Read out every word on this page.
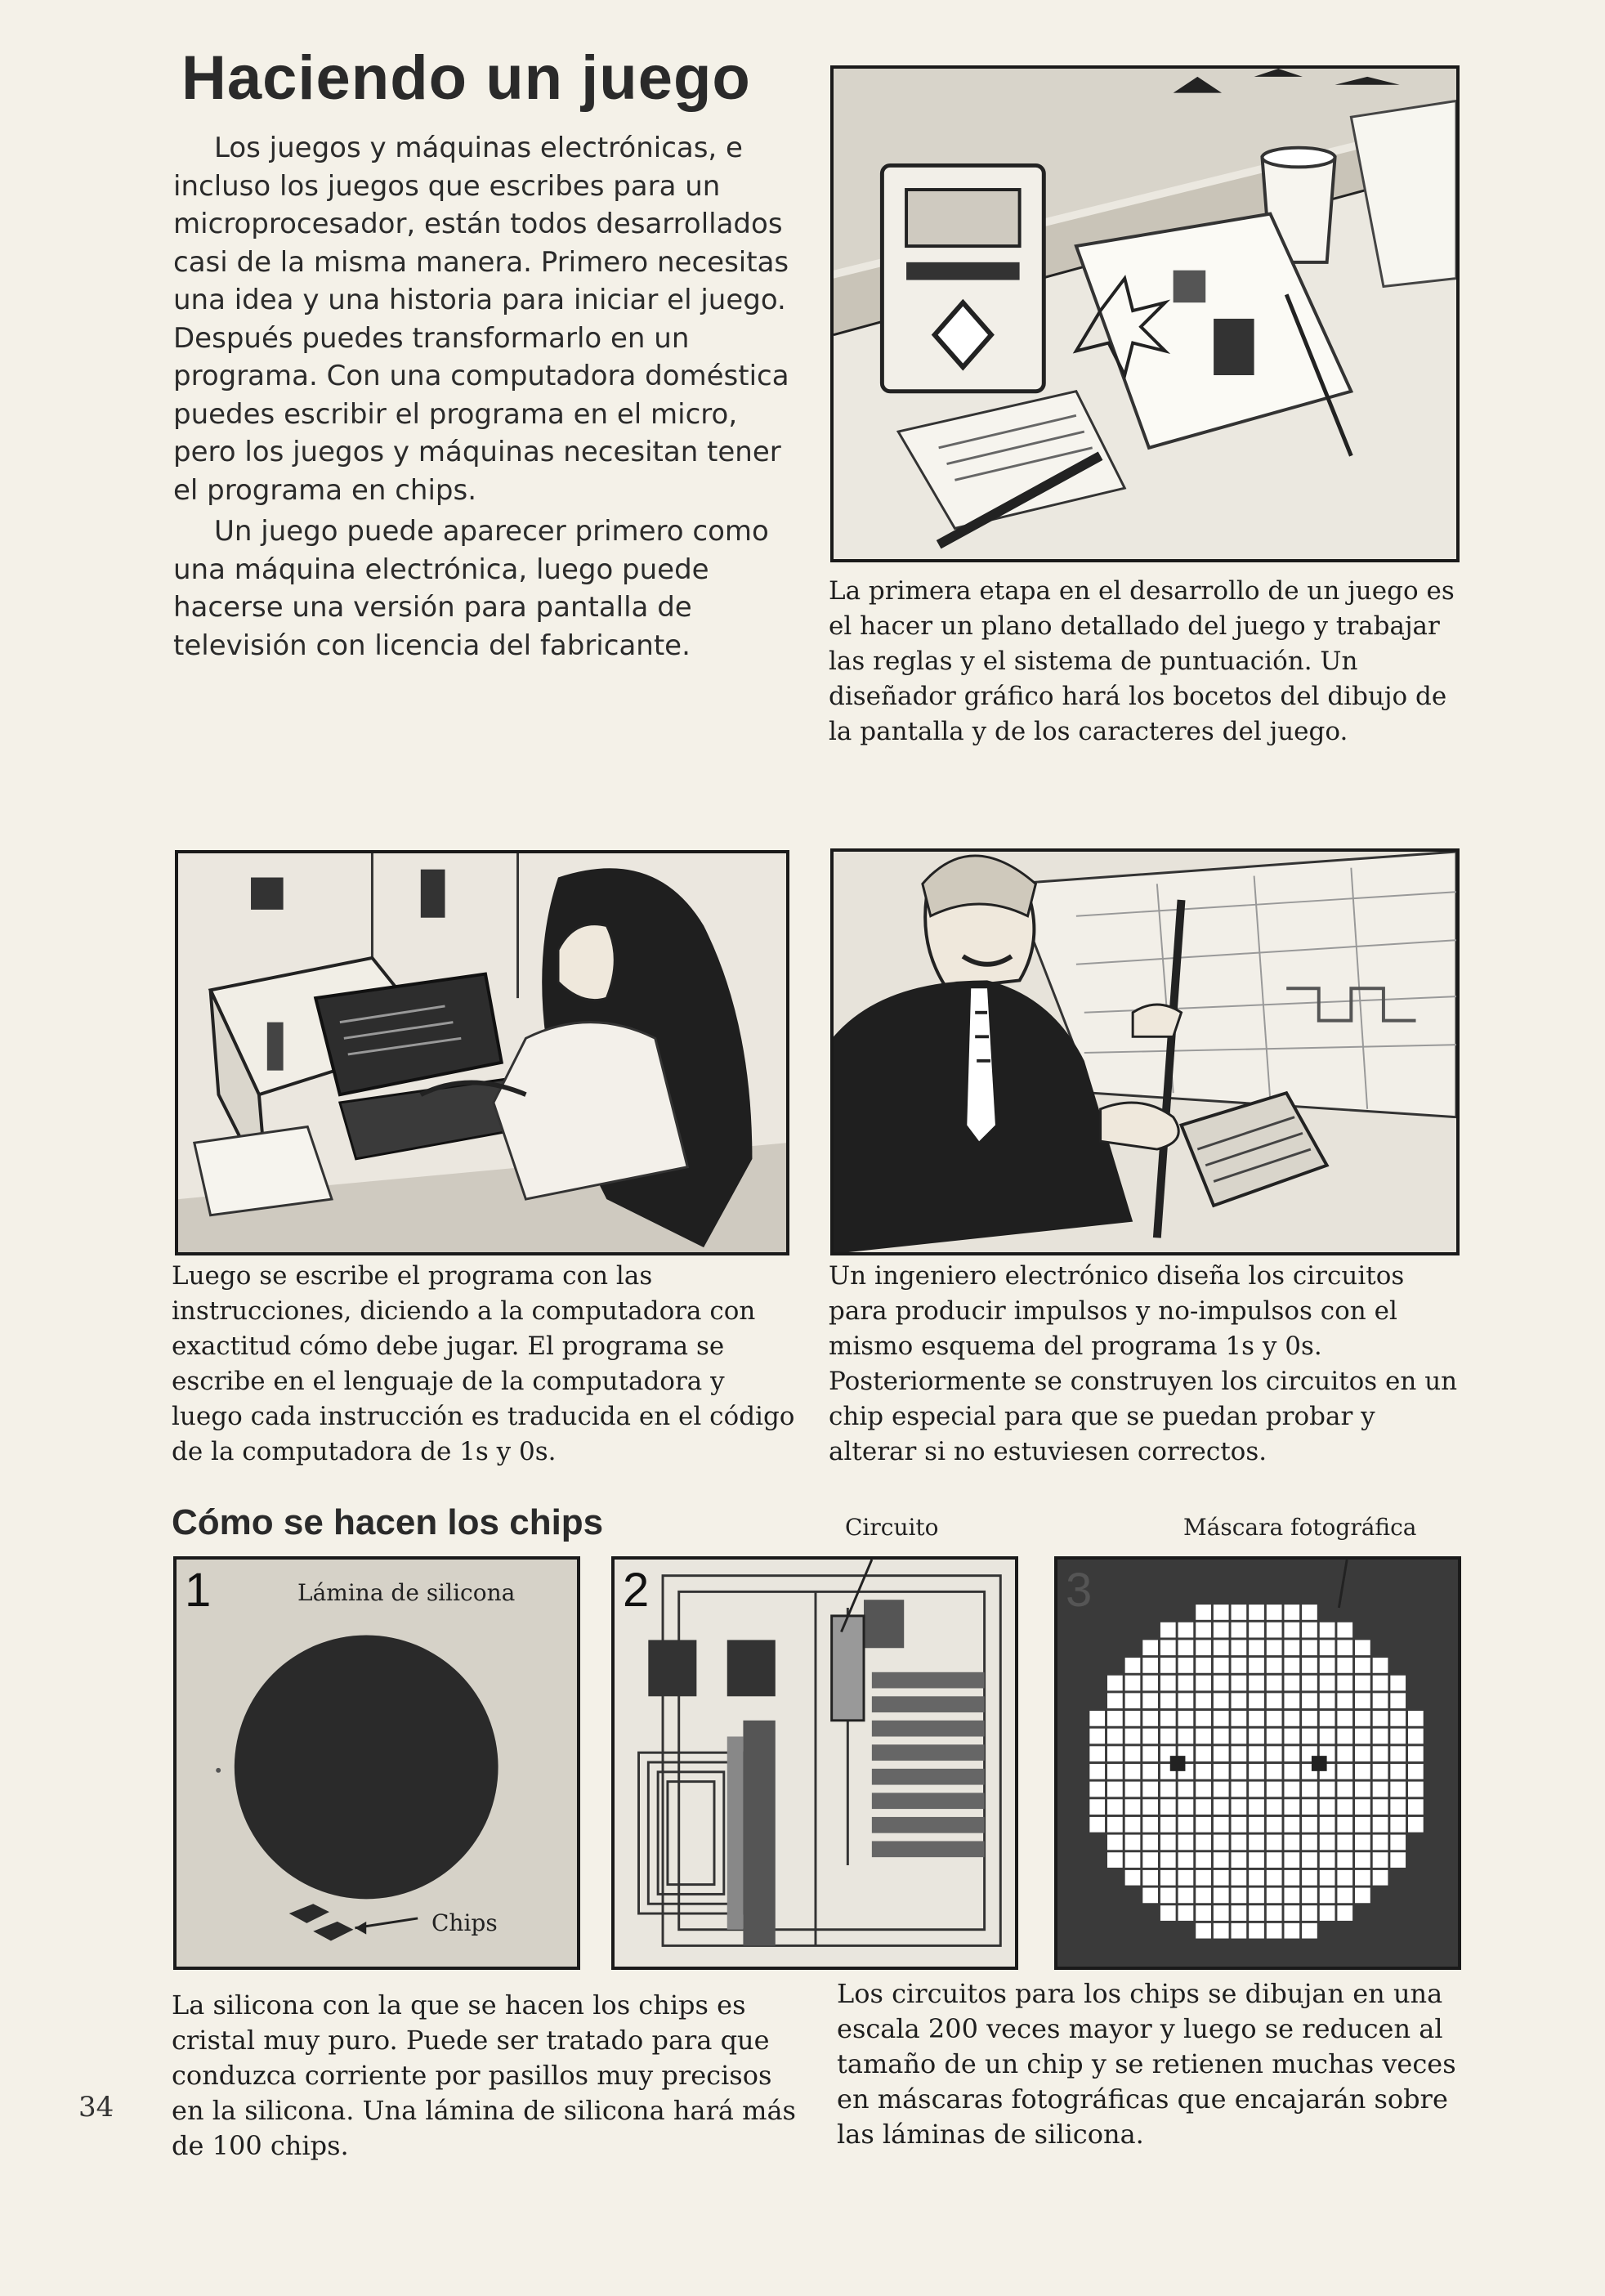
Haciendo un juego

Los juegos y máquinas electrónicas, e incluso los juegos que escribes para un microprocesador, están todos desarrollados casi de la misma manera. Primero necesitas una idea y una historia para iniciar el juego. Después puedes transformarlo en un programa. Con una computadora doméstica puedes escribir el programa en el micro, pero los juegos y máquinas necesitan tener el programa en chips.

Un juego puede aparecer primero como una máquina electrónica, luego puede hacerse una versión para pantalla de televisión con licencia del fabricante.

La primera etapa en el desarrollo de un juego es el hacer un plano detallado del juego y trabajar las reglas y el sistema de puntuación. Un diseñador gráfico hará los bocetos del dibujo de la pantalla y de los caracteres del juego.
Luego se escribe el programa con las instrucciones, diciendo a la computadora con exactitud cómo debe jugar. El programa se escribe en el lenguaje de la computadora y luego cada instrucción es traducida en el código de la computadora de 1s y 0s.
Un ingeniero electrónico diseña los circuitos para producir impulsos y no-impulsos con el mismo esquema del programa 1s y 0s. Posteriormente se construyen los circuitos en un chip especial para que se puedan probar y alterar si no estuviesen correctos.
Cómo se hacen los chips	Circuito	Máscara fotográfica
1	Lámina de silicona
Chips
2	3
La silicona con la que se hacen los chips es cristal muy puro. Puede ser tratado para que conduzca corriente por pasillos muy precisos en la silicona. Una lámina de silicona hará más de 100 chips.
Los circuitos para los chips se dibujan en una escala 200 veces mayor y luego se reducen al tamaño de un chip y se retienen muchas veces en máscaras fotográficas que encajarán sobre las láminas de silicona.
34
